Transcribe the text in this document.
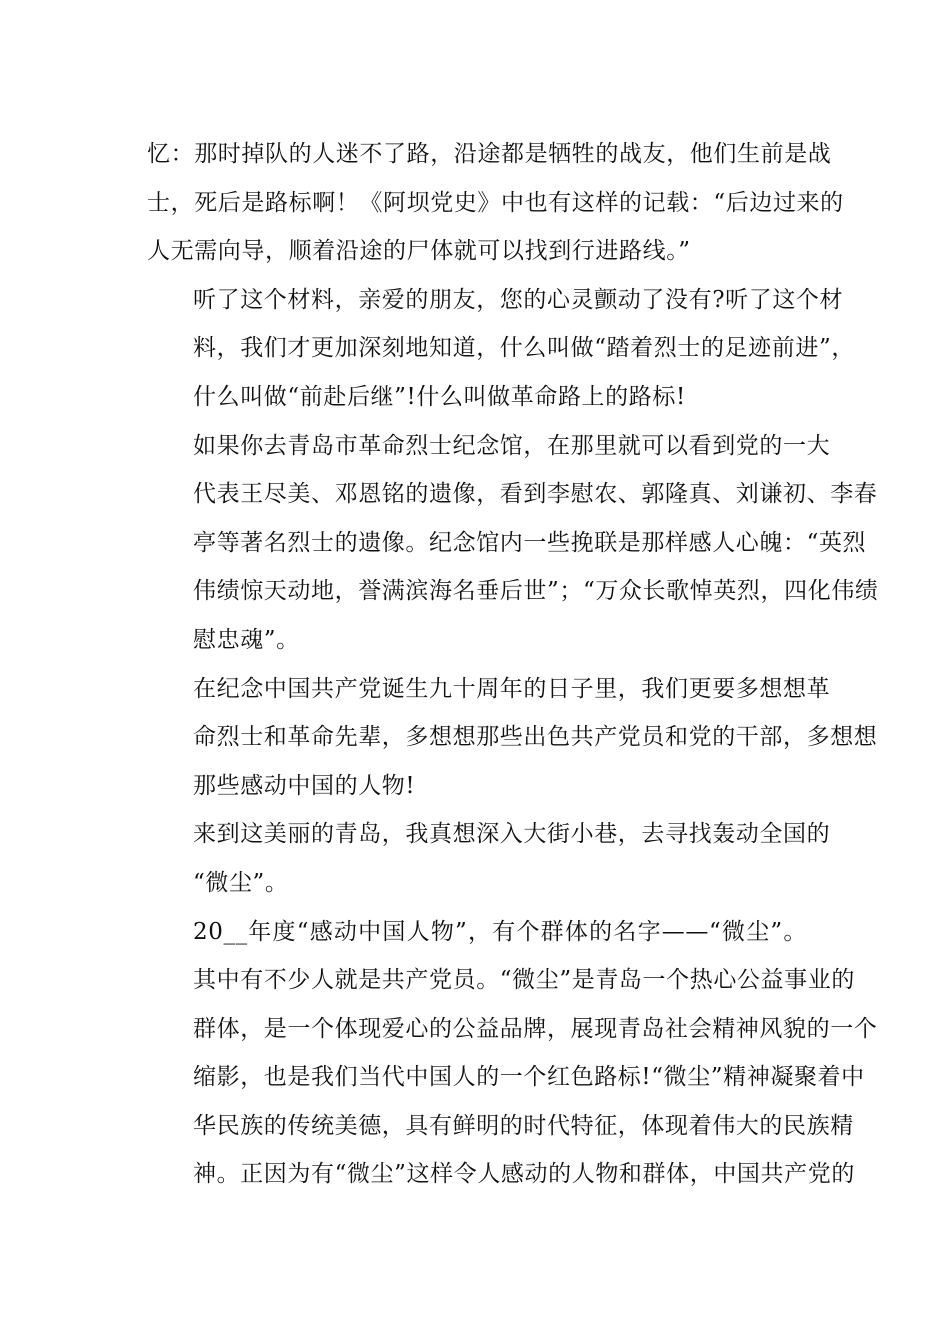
忆：那时掉队的人迷不了路，沿途都是牺牲的战友，他们生前是战
士，死后是路标啊！《阿坝党史》中也有这样的记载：“后边过来的
人无需向导，顺着沿途的尸体就可以找到行进路线。”

听了这个材料，亲爱的朋友，您的心灵颤动了没有?听了这个材
料，我们才更加深刻地知道，什么叫做“踏着烈士的足迹前进”，
什么叫做“前赴后继”!什么叫做革命路上的路标!

如果你去青岛市革命烈士纪念馆，在那里就可以看到党的一大
代表王尽美、邓恩铭的遗像，看到李慰农、郭隆真、刘谦初、李春
亭等著名烈士的遗像。纪念馆内一些挽联是那样感人心魄：“英烈
伟绩惊天动地，誉满滨海名垂后世”；“万众长歌悼英烈，四化伟绩
慰忠魂”。

在纪念中国共产党诞生九十周年的日子里，我们更要多想想革
命烈士和革命先辈，多想想那些出色共产党员和党的干部，多想想
那些感动中国的人物!

来到这美丽的青岛，我真想深入大街小巷，去寻找轰动全国的
“微尘”。

20__年度“感动中国人物”，有个群体的名字——“微尘”。
其中有不少人就是共产党员。“微尘”是青岛一个热心公益事业的
群体，是一个体现爱心的公益品牌，展现青岛社会精神风貌的一个
缩影，也是我们当代中国人的一个红色路标!“微尘”精神凝聚着中
华民族的传统美德，具有鲜明的时代特征，体现着伟大的民族精
神。正因为有“微尘”这样令人感动的人物和群体，中国共产党的
